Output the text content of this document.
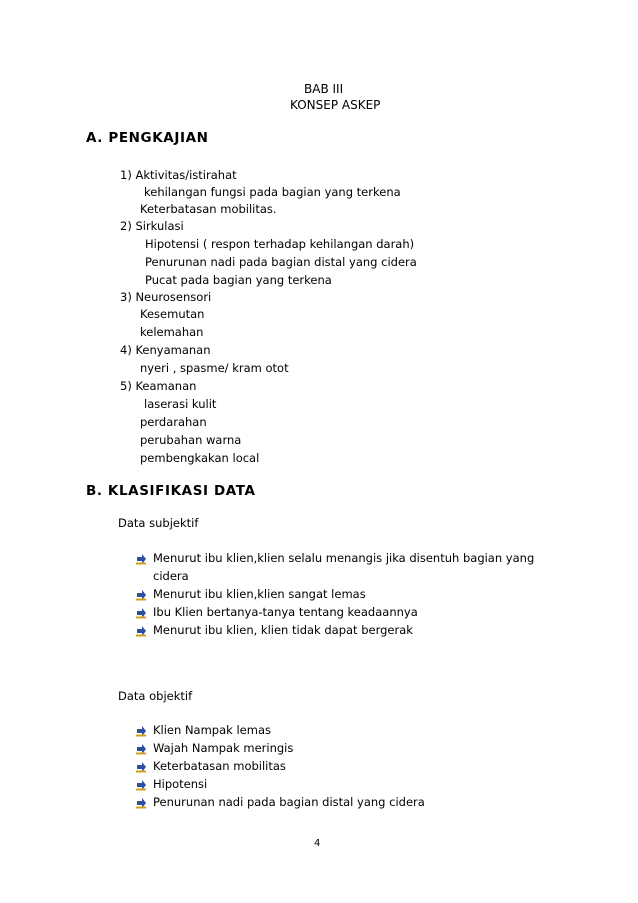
BAB III
KONSEP ASKEP
A. PENGKAJIAN
1) Aktivitas/istirahat
kehilangan fungsi pada bagian yang terkena
Keterbatasan mobilitas.
2) Sirkulasi
Hipotensi ( respon terhadap kehilangan darah)
Penurunan nadi pada bagian distal yang cidera
Pucat pada bagian yang terkena
3) Neurosensori
Kesemutan
kelemahan
4) Kenyamanan
nyeri , spasme/ kram otot
5) Keamanan
laserasi kulit
perdarahan
perubahan warna
pembengkakan local
B. KLASIFIKASI DATA
Data subjektif
Menurut ibu klien,klien selalu menangis jika disentuh bagian yang
cidera
Menurut ibu klien,klien sangat lemas
Ibu Klien bertanya-tanya tentang keadaannya
Menurut ibu klien, klien tidak dapat bergerak
Data objektif
Klien Nampak lemas
Wajah Nampak meringis
Keterbatasan mobilitas
Hipotensi
Penurunan nadi pada bagian distal yang cidera
4
